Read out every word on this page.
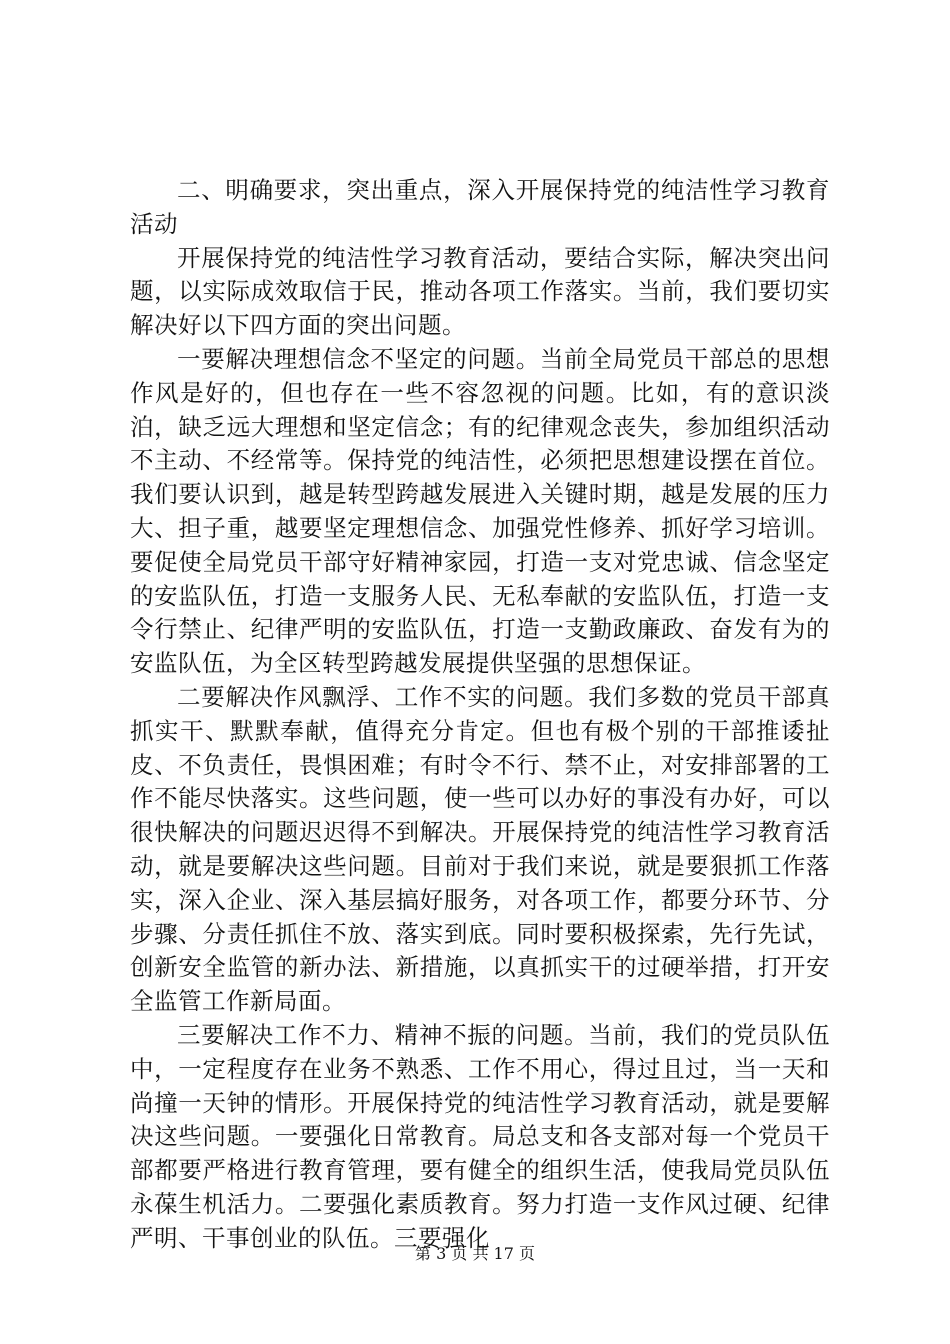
二、明确要求，突出重点，深入开展保持党的纯洁性学习教育活动

开展保持党的纯洁性学习教育活动，要结合实际，解决突出问题，以实际成效取信于民，推动各项工作落实。当前，我们要切实解决好以下四方面的突出问题。

一要解决理想信念不坚定的问题。当前全局党员干部总的思想作风是好的，但也存在一些不容忽视的问题。比如，有的意识淡泊，缺乏远大理想和坚定信念；有的纪律观念丧失，参加组织活动不主动、不经常等。保持党的纯洁性，必须把思想建设摆在首位。我们要认识到，越是转型跨越发展进入关键时期，越是发展的压力大、担子重，越要坚定理想信念、加强党性修养、抓好学习培训。要促使全局党员干部守好精神家园，打造一支对党忠诚、信念坚定的安监队伍，打造一支服务人民、无私奉献的安监队伍，打造一支令行禁止、纪律严明的安监队伍，打造一支勤政廉政、奋发有为的安监队伍，为全区转型跨越发展提供坚强的思想保证。

二要解决作风飘浮、工作不实的问题。我们多数的党员干部真抓实干、默默奉献，值得充分肯定。但也有极个别的干部推诿扯皮、不负责任，畏惧困难；有时令不行、禁不止，对安排部署的工作不能尽快落实。这些问题，使一些可以办好的事没有办好，可以很快解决的问题迟迟得不到解决。开展保持党的纯洁性学习教育活动，就是要解决这些问题。目前对于我们来说，就是要狠抓工作落实，深入企业、深入基层搞好服务，对各项工作，都要分环节、分步骤、分责任抓住不放、落实到底。同时要积极探索，先行先试，创新安全监管的新办法、新措施，以真抓实干的过硬举措，打开安全监管工作新局面。

三要解决工作不力、精神不振的问题。当前，我们的党员队伍中，一定程度存在业务不熟悉、工作不用心，得过且过，当一天和尚撞一天钟的情形。开展保持党的纯洁性学习教育活动，就是要解决这些问题。一要强化日常教育。局总支和各支部对每一个党员干部都要严格进行教育管理，要有健全的组织生活，使我局党员队伍永葆生机活力。二要强化素质教育。努力打造一支作风过硬、纪律严明、干事创业的队伍。三要强化

第 3 页 共 17 页
